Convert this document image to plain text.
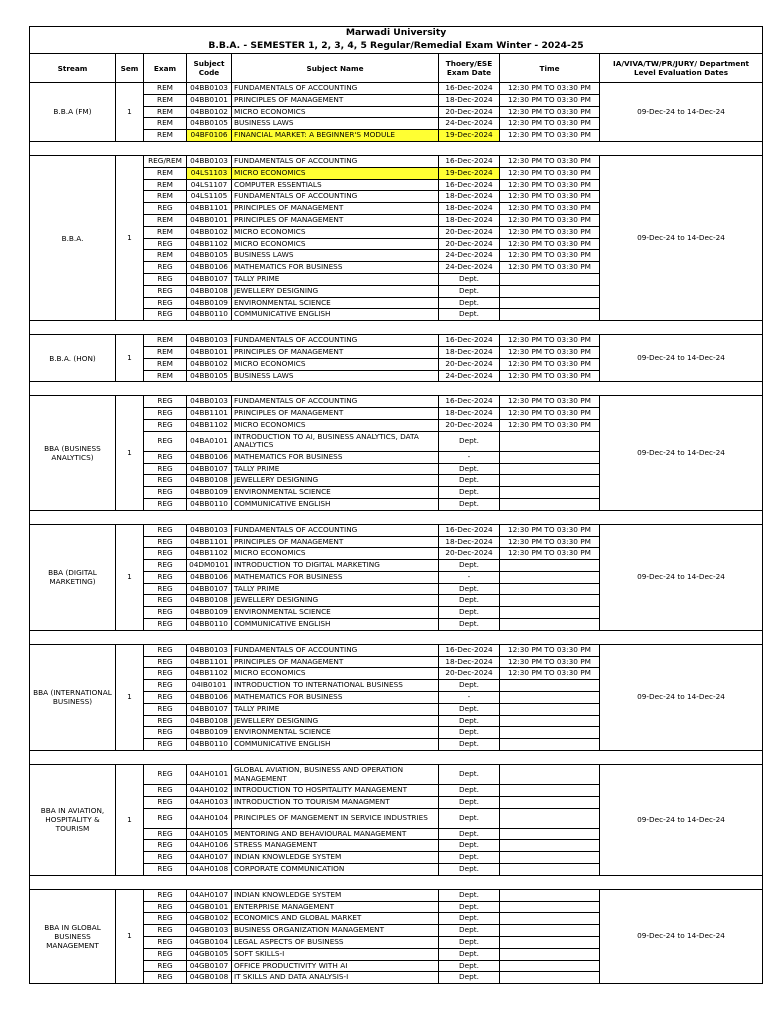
Marwadi University							
B.B.A. - SEMESTER 1, 2, 3, 4, 5 Regular/Remedial Exam Winter - 2024-25							
Stream	Sem	Exam	Subject Code	Subject Name	Thoery/ESE Exam Date	Time	IA/VIVA/TW/PR/JURY/ Department Level Evaluation Dates
B.B.A (FM)	1	REM	04BB0103	FUNDAMENTALS OF ACCOUNTING	16-Dec-2024	12:30 PM TO 03:30 PM	09-Dec-24 to 14-Dec-24
		REM	04BB0101	PRINCIPLES OF MANAGEMENT	18-Dec-2024	12:30 PM TO 03:30 PM	
		REM	04BB0102	MICRO ECONOMICS	20-Dec-2024	12:30 PM TO 03:30 PM	
		REM	04BB0105	BUSINESS LAWS	24-Dec-2024	12:30 PM TO 03:30 PM	
		REM	04BF0106	FINANCIAL MARKET: A BEGINNER'S MODULE	19-Dec-2024	12:30 PM TO 03:30 PM	

B.B.A.	1	REG/REM	04BB0103	FUNDAMENTALS OF ACCOUNTING	16-Dec-2024	12:30 PM TO 03:30 PM	09-Dec-24 to 14-Dec-24
		REM	04LS1103	MICRO ECONOMICS	19-Dec-2024	12:30 PM TO 03:30 PM	
		REM	04LS1107	COMPUTER ESSENTIALS	16-Dec-2024	12:30 PM TO 03:30 PM	
		REM	04LS1105	FUNDAMENTALS OF ACCOUNTING	18-Dec-2024	12:30 PM TO 03:30 PM	
		REG	04BB1101	PRINCIPLES OF MANAGEMENT	18-Dec-2024	12:30 PM TO 03:30 PM	
		REM	04BB0101	PRINCIPLES OF MANAGEMENT	18-Dec-2024	12:30 PM TO 03:30 PM	
		REM	04BB0102	MICRO ECONOMICS	20-Dec-2024	12:30 PM TO 03:30 PM	
		REG	04BB1102	MICRO ECONOMICS	20-Dec-2024	12:30 PM TO 03:30 PM	
		REM	04BB0105	BUSINESS LAWS	24-Dec-2024	12:30 PM TO 03:30 PM	
		REG	04BB0106	MATHEMATICS FOR BUSINESS	24-Dec-2024	12:30 PM TO 03:30 PM	
		REG	04BB0107	TALLY PRIME	Dept.		
		REG	04BB0108	JEWELLERY DESIGNING	Dept.		
		REG	04BB0109	ENVIRONMENTAL SCIENCE	Dept.		
		REG	04BB0110	COMMUNICATIVE ENGLISH	Dept.		

B.B.A. (HON)	1	REM	04BB0103	FUNDAMENTALS OF ACCOUNTING	16-Dec-2024	12:30 PM TO 03:30 PM	09-Dec-24 to 14-Dec-24
		REM	04BB0101	PRINCIPLES OF MANAGEMENT	18-Dec-2024	12:30 PM TO 03:30 PM	
		REM	04BB0102	MICRO ECONOMICS	20-Dec-2024	12:30 PM TO 03:30 PM	
		REM	04BB0105	BUSINESS LAWS	24-Dec-2024	12:30 PM TO 03:30 PM	

BBA (BUSINESS ANALYTICS)	1	REG	04BB0103	FUNDAMENTALS OF ACCOUNTING	16-Dec-2024	12:30 PM TO 03:30 PM	09-Dec-24 to 14-Dec-24
		REG	04BB1101	PRINCIPLES OF MANAGEMENT	18-Dec-2024	12:30 PM TO 03:30 PM	
		REG	04BB1102	MICRO ECONOMICS	20-Dec-2024	12:30 PM TO 03:30 PM	
		REG	04BA0101	INTRODUCTION TO AI, BUSINESS ANALYTICS, DATA ANALYTICS	Dept.		
		REG	04BB0106	MATHEMATICS FOR BUSINESS	-		
		REG	04BB0107	TALLY PRIME	Dept.		
		REG	04BB0108	JEWELLERY DESIGNING	Dept.		
		REG	04BB0109	ENVIRONMENTAL SCIENCE	Dept.		
		REG	04BB0110	COMMUNICATIVE ENGLISH	Dept.		

BBA (DIGITAL MARKETING)	1	REG	04BB0103	FUNDAMENTALS OF ACCOUNTING	16-Dec-2024	12:30 PM TO 03:30 PM	09-Dec-24 to 14-Dec-24
		REG	04BB1101	PRINCIPLES OF MANAGEMENT	18-Dec-2024	12:30 PM TO 03:30 PM	
		REG	04BB1102	MICRO ECONOMICS	20-Dec-2024	12:30 PM TO 03:30 PM	
		REG	04DM0101	INTRODUCTION TO DIGITAL MARKETING	Dept.		
		REG	04BB0106	MATHEMATICS FOR BUSINESS	-		
		REG	04BB0107	TALLY PRIME	Dept.		
		REG	04BB0108	JEWELLERY DESIGNING	Dept.		
		REG	04BB0109	ENVIRONMENTAL SCIENCE	Dept.		
		REG	04BB0110	COMMUNICATIVE ENGLISH	Dept.		

BBA (INTERNATIONAL BUSINESS)	1	REG	04BB0103	FUNDAMENTALS OF ACCOUNTING	16-Dec-2024	12:30 PM TO 03:30 PM	09-Dec-24 to 14-Dec-24
		REG	04BB1101	PRINCIPLES OF MANAGEMENT	18-Dec-2024	12:30 PM TO 03:30 PM	
		REG	04BB1102	MICRO ECONOMICS	20-Dec-2024	12:30 PM TO 03:30 PM	
		REG	04IB0101	INTRODUCTION TO INTERNATIONAL BUSINESS	Dept.		
		REG	04BB0106	MATHEMATICS FOR BUSINESS	-		
		REG	04BB0107	TALLY PRIME	Dept.		
		REG	04BB0108	JEWELLERY DESIGNING	Dept.		
		REG	04BB0109	ENVIRONMENTAL SCIENCE	Dept.		
		REG	04BB0110	COMMUNICATIVE ENGLISH	Dept.		

BBA IN AVIATION, HOSPITALITY & TOURISM	1	REG	04AH0101	GLOBAL AVIATION, BUSINESS AND OPERATION MANAGEMENT	Dept.		09-Dec-24 to 14-Dec-24
		REG	04AH0102	INTRODUCTION TO HOSPITALITY MANAGEMENT	Dept.		
		REG	04AH0103	INTRODUCTION TO TOURISM MANAGMENT	Dept.		
		REG	04AH0104	PRINCIPLES OF MANGEMENT IN SERVICE INDUSTRIES	Dept.		
		REG	04AH0105	MENTORING AND BEHAVIOURAL MANAGEMENT	Dept.		
		REG	04AH0106	STRESS MANAGEMENT	Dept.		
		REG	04AH0107	INDIAN KNOWLEDGE SYSTEM	Dept.		
		REG	04AH0108	CORPORATE COMMUNICATION	Dept.		

BBA IN GLOBAL BUSINESS MANAGEMENT	1	REG	04AH0107	INDIAN KNOWLEDGE SYSTEM	Dept.		09-Dec-24 to 14-Dec-24
		REG	04GB0101	ENTERPRISE MANAGEMENT	Dept.		
		REG	04GB0102	ECONOMICS AND GLOBAL MARKET	Dept.		
		REG	04GB0103	BUSINESS ORGANIZATION MANAGEMENT	Dept.		
		REG	04GB0104	LEGAL ASPECTS OF BUSINESS	Dept.		
		REG	04GB0105	SOFT SKILLS-I	Dept.		
		REG	04GB0107	OFFICE PRODUCTIVITY WITH AI	Dept.		
		REG	04GB0108	IT SKILLS AND DATA ANALYSIS-I	Dept.		
